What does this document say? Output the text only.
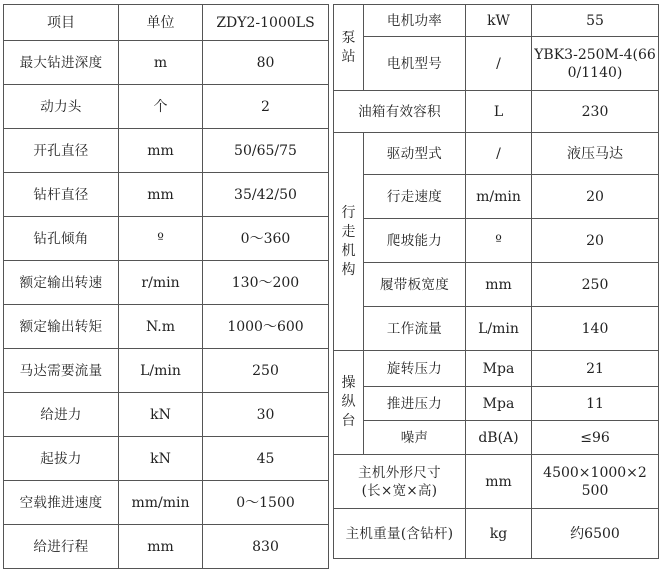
项目	单位	ZDY2-1000LS
最大钻进深度	m	80
动力头	个	2
开孔直径	mm	50/65/75
钻杆直径	mm	35/42/50
钻孔倾角	º	0～360
额定输出转速	r/min	130～200
额定输出转矩	N.m	1000～600
马达需要流量	L/min	250
给进力	kN	30
起拔力	kN	45
空载推进速度	mm/min	0～1500
给进行程	mm	830
泵站	电机功率	kW	55
	电机型号	/	YBK3-250M-4(660/1140)
油箱有效容积		L	230
行走机构	驱动型式	/	液压马达
	行走速度	m/min	20
	爬坡能力	º	20
	履带板宽度	mm	250
	工作流量	L/min	140
操纵台	旋转压力	Mpa	21
	推进压力	Mpa	11
	噪声	dB(A)	≤96
主机外形尺寸(长×宽×高)		mm	4500×1000×2500
主机重量(含钻杆)		kg	约6500
